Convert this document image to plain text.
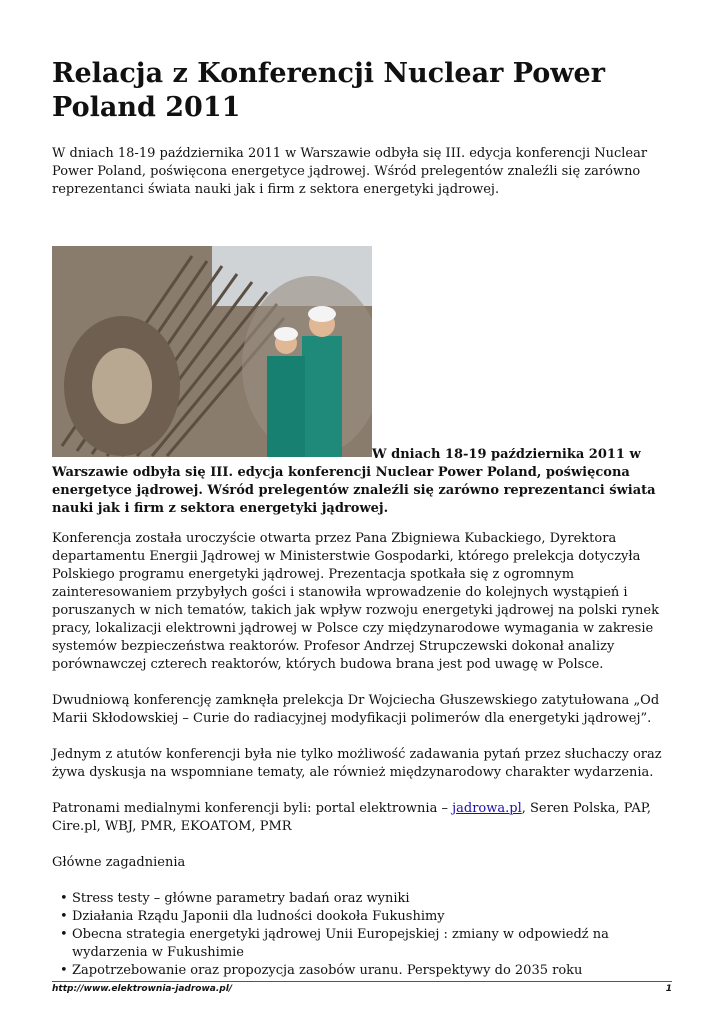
Relacja z Konferencji Nuclear Power Poland 2011

W dniach 18-19 października 2011 w Warszawie odbyła się III. edycja konferencji Nuclear Power Poland, poświęcona energetyce jądrowej. Wśród prelegentów znaleźli się zarówno reprezentanci świata nauki jak i firm z sektora energetyki jądrowej.

W dniach 18-19 października 2011 w Warszawie odbyła się III. edycja konferencji Nuclear Power Poland, poświęcona energetyce jądrowej. Wśród prelegentów znaleźli się zarówno reprezentanci świata nauki jak i firm z sektora energetyki jądrowej.

Konferencja została uroczyście otwarta przez Pana Zbigniewa Kubackiego, Dyrektora departamentu Energii Jądrowej w Ministerstwie Gospodarki, którego prelekcja dotyczyła Polskiego programu energetyki jądrowej. Prezentacja spotkała się z ogromnym zainteresowaniem przybyłych gości i stanowiła wprowadzenie do kolejnych wystąpień i poruszanych w nich tematów, takich jak wpływ rozwoju energetyki jądrowej na polski rynek pracy, lokalizacji elektrowni jądrowej w Polsce czy międzynarodowe wymagania w zakresie systemów bezpieczeństwa reaktorów. Profesor Andrzej Strupczewski dokonał analizy porównawczej czterech reaktorów, których budowa brana jest pod uwagę w Polsce.

Dwudniową konferencję zamknęła prelekcja Dr Wojciecha Głuszewskiego zatytułowana „Od Marii Skłodowskiej – Curie do radiacyjnej modyfikacji polimerów dla energetyki jądrowej”.

Jednym z atutów konferencji była nie tylko możliwość zadawania pytań przez słuchaczy oraz żywa dyskusja na wspomniane tematy, ale również międzynarodowy charakter wydarzenia.

Patronami medialnymi konferencji byli: portal elektrownia – jadrowa.pl, Seren Polska, PAP, Cire.pl, WBJ, PMR, EKOATOM, PMR

Główne zagadnienia

• Stress testy – główne parametry badań oraz wyniki
• Działania Rządu Japonii dla ludności dookoła Fukushimy
• Obecna strategia energetyki jądrowej Unii Europejskiej : zmiany w odpowiedź na wydarzenia w Fukushimie
• Zapotrzebowanie oraz propozycja zasobów uranu. Perspektywy do 2035 roku
http://www.elektrownia-jadrowa.pl/	1
